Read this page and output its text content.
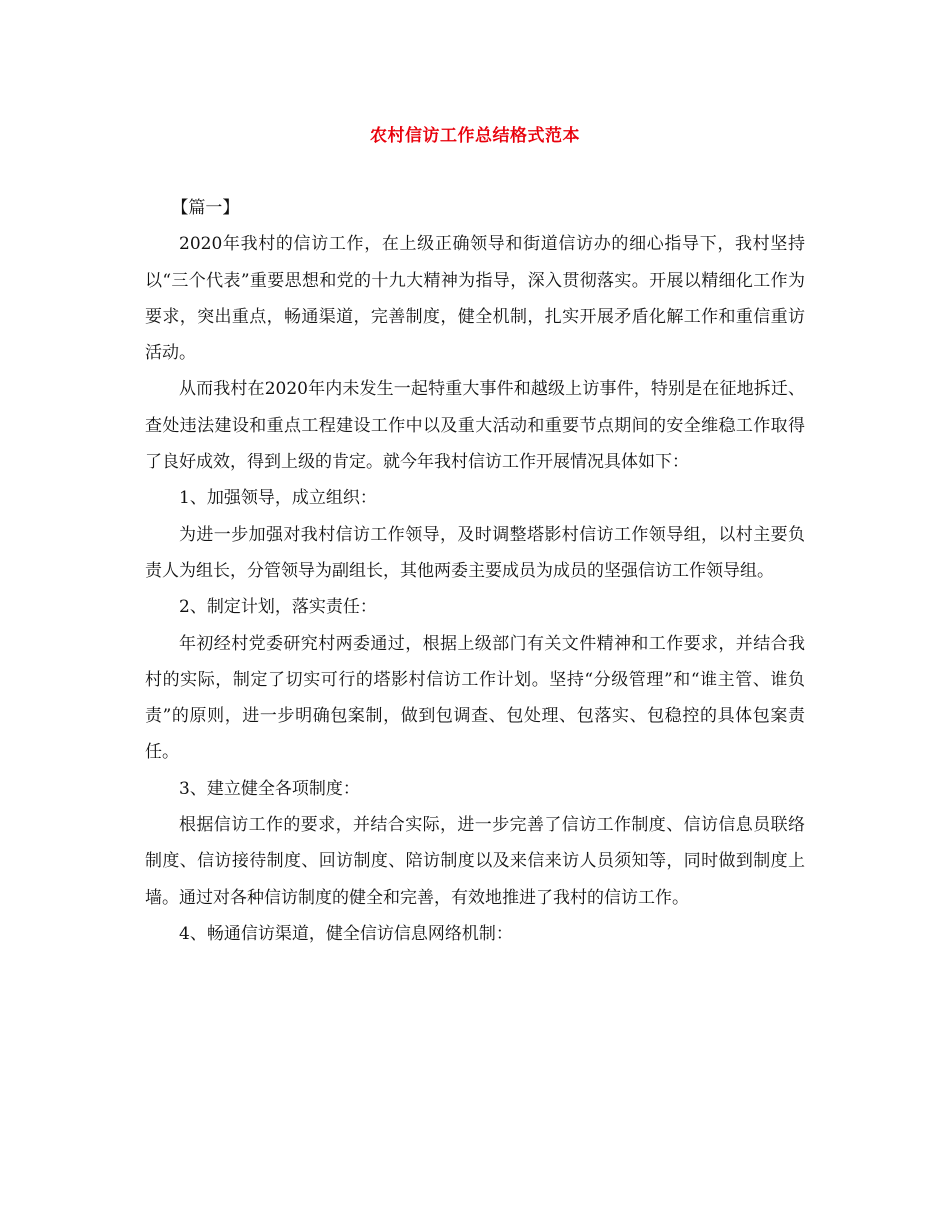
农村信访工作总结格式范本

【篇一】

2020年我村的信访工作，在上级正确领导和街道信访办的细心指导下，我村坚持以“三个代表”重要思想和党的十九大精神为指导，深入贯彻落实。开展以精细化工作为要求，突出重点，畅通渠道，完善制度，健全机制，扎实开展矛盾化解工作和重信重访活动。

从而我村在2020年内未发生一起特重大事件和越级上访事件，特别是在征地拆迁、查处违法建设和重点工程建设工作中以及重大活动和重要节点期间的安全维稳工作取得了良好成效，得到上级的肯定。就今年我村信访工作开展情况具体如下：

1、加强领导，成立组织：

为进一步加强对我村信访工作领导，及时调整塔影村信访工作领导组，以村主要负责人为组长，分管领导为副组长，其他两委主要成员为成员的坚强信访工作领导组。

2、制定计划，落实责任：

年初经村党委研究村两委通过，根据上级部门有关文件精神和工作要求，并结合我村的实际，制定了切实可行的塔影村信访工作计划。坚持“分级管理”和“谁主管、谁负责”的原则，进一步明确包案制，做到包调查、包处理、包落实、包稳控的具体包案责任。

3、建立健全各项制度：

根据信访工作的要求，并结合实际，进一步完善了信访工作制度、信访信息员联络制度、信访接待制度、回访制度、陪访制度以及来信来访人员须知等，同时做到制度上墙。通过对各种信访制度的健全和完善，有效地推进了我村的信访工作。

4、畅通信访渠道，健全信访信息网络机制：
